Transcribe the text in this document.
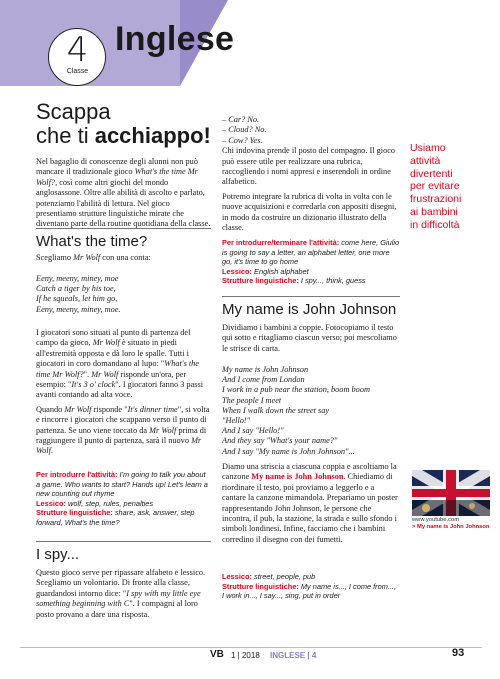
4
Classe
Inglese
Scappa
che ti acchiappo!

Nel bagaglio di conoscenze degli alunni non può mancare il tradizionale gioco What's the time Mr Wolf?, così come altri giochi del mondo anglosassone. Oltre alle abilità di ascolto e parlato, potenziamo l'abilità di lettura. Nel gioco presentiamo strutture linguistiche mirate che diventano parte della routine quotidiana della classe.

What's the time?

Scegliamo Mr Wolf con una conta:

Eeny, meeny, miney, moe
Catch a tiger by his toe,
If he squeals, let him go,
Eeny, meeny, miney, moe.

I giocatori sono situati al punto di partenza del campo da gioco, Mr Wolf è situato in piedi all'estremità opposta e dà loro le spalle. Tutti i giocatori in coro domandano al lupo: "What's the time Mr Wolf?". Mr Wolf risponde un'ora, per esempio: "It's 3 o' clock". I giocatori fanno 3 passi avanti contando ad alta voce.

Quando Mr Wolf risponde "It's dinner time", si volta e rincorre i giocatori che scappano verso il punto di partenza. Se uno viene toccato da Mr Wolf prima di raggiungere il punto di partenza, sarà il nuovo Mr Wolf.

Per introdurre l'attività: I'm going to talk you about a game. Who wants to start? Hands up! Let's learn a new counting out rhyme
Lessico: wolf, step, rules, penalties
Strutture linguistiche: share, ask, answer, step forward, What's the time?
I spy...

Questo gioco serve per ripassare alfabeto e lessico. Scegliamo un volontario. Di fronte alla classe, guardandosi intorno dice: "I spy with my little eye something beginning with C". I compagni al loro posto provano a dare una risposta.

– Car? No.
– Cloud? No.
– Cow? Yes.

Chi indovina prende il posto del compagno. Il gioco può essere utile per realizzare una rubrica, raccogliendo i nomi appresi e inserendoli in ordine alfabetico.

Potremo integrare la rubrica di volta in volta con le nuove acquisizioni e corredarla con appositi disegni, in modo da costruire un dizionario illustrato della classe.

Per introdurre/terminare l'attività: come here, Giulio is going to say a letter, an alphabet letter, one more go, it's time to go home
Lessico: English alphabet
Strutture linguistiche: I spy..., think, guess
My name is John Johnson

Dividiamo i bambini a coppie. Fotocopiamo il testo qui sotto e ritagliamo ciascun verso; poi mescoliamo le strisce di carta.

My name is John Johnson
And I come from London
I work in a pub near the station, boom boom
The people I meet
When I walk down the street say
"Hello!"
And I say "Hello!"
And they say "What's your name?"
And I say "My name is John Johnson"...

Diamo una striscia a ciascuna coppia e ascoltiamo la canzone My name is John Johnson. Chiediamo di riordinare il testo, poi proviamo a leggerlo e a cantare la canzone mimandola. Prepariamo un poster rappresentando John Johnson, le persone che incontra, il pub, la stazione, la strada e sullo sfondo i simboli londinesi. Infine, facciamo che i bambini corredino il disegno con dei fumetti.

Lessico: street, people, pub
Strutture linguistiche: My name is..., I come from..., I work in..., I say..., sing, put in order
Usiamo
attività
divertenti
per evitare
frustrazioni
ai bambini
in difficoltà
www.youtube.com
> My name is John Johnson
VB 1 | 2018 INGLESE | 4	93
